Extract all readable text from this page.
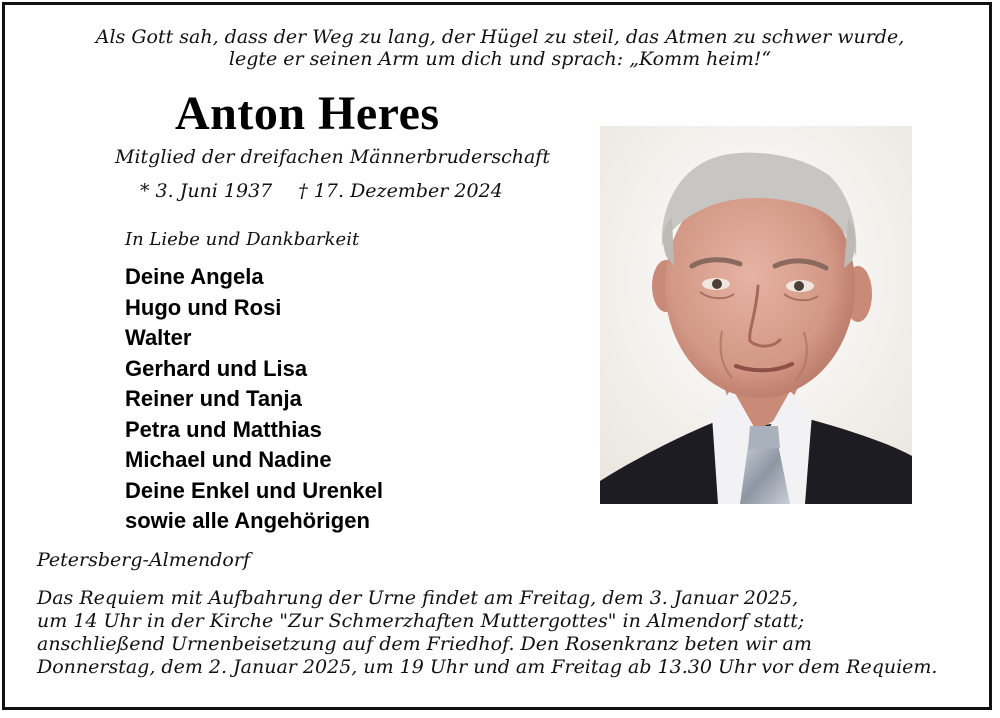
Als Gott sah, dass der Weg zu lang, der Hügel zu steil, das Atmen zu schwer wurde,
legte er seinen Arm um dich und sprach: „Komm heim!“
Anton Heres
Mitglied der dreifachen Männerbruderschaft
* 3. Juni 1937 † 17. Dezember 2024
In Liebe und Dankbarkeit
Deine Angela
Hugo und Rosi
Walter
Gerhard und Lisa
Reiner und Tanja
Petra und Matthias
Michael und Nadine
Deine Enkel und Urenkel
sowie alle Angehörigen
Petersberg-Almendorf
Das Requiem mit Aufbahrung der Urne findet am Freitag, dem 3. Januar 2025,
um 14 Uhr in der Kirche "Zur Schmerzhaften Muttergottes" in Almendorf statt;
anschließend Urnenbeisetzung auf dem Friedhof. Den Rosenkranz beten wir am
Donnerstag, dem 2. Januar 2025, um 19 Uhr und am Freitag ab 13.30 Uhr vor dem Requiem.
